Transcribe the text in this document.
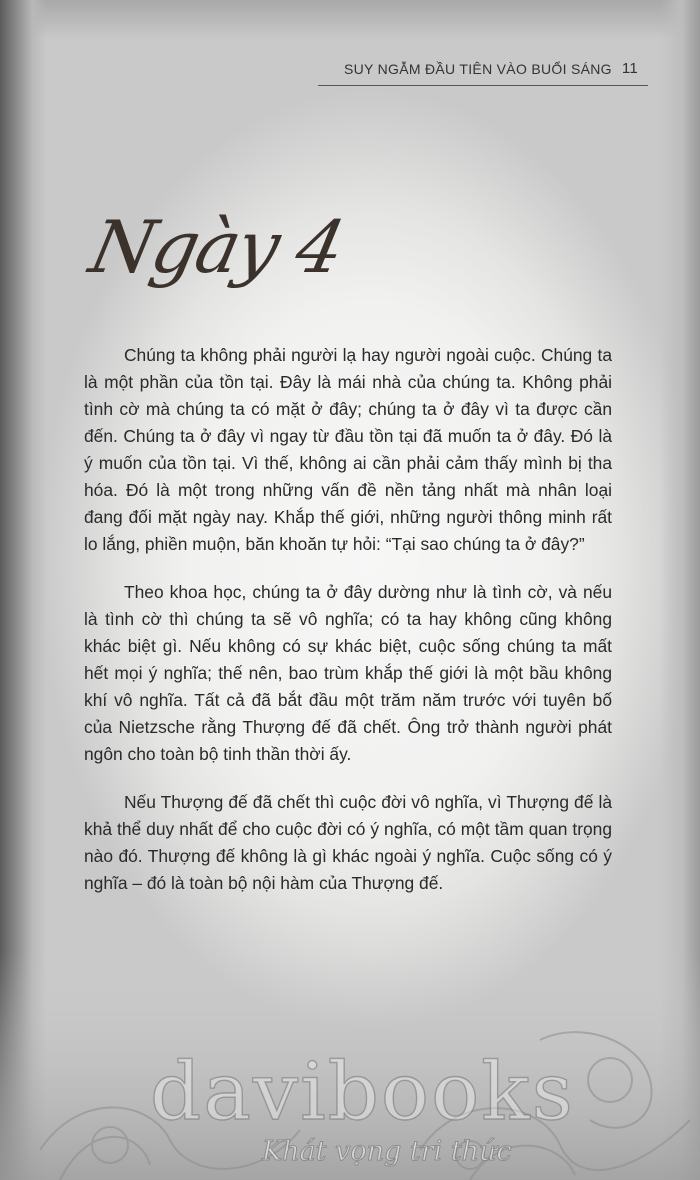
SUY NGẪM ĐẦU TIÊN VÀO BUỔI SÁNG 11
Ngày 4

Chúng ta không phải người lạ hay người ngoài cuộc. Chúng ta là một phần của tồn tại. Đây là mái nhà của chúng ta. Không phải tình cờ mà chúng ta có mặt ở đây; chúng ta ở đây vì ta được cần đến. Chúng ta ở đây vì ngay từ đầu tồn tại đã muốn ta ở đây. Đó là ý muốn của tồn tại. Vì thế, không ai cần phải cảm thấy mình bị tha hóa. Đó là một trong những vấn đề nền tảng nhất mà nhân loại đang đối mặt ngày nay. Khắp thế giới, những người thông minh rất lo lắng, phiền muộn, băn khoăn tự hỏi: “Tại sao chúng ta ở đây?”

Theo khoa học, chúng ta ở đây dường như là tình cờ, và nếu là tình cờ thì chúng ta sẽ vô nghĩa; có ta hay không cũng không khác biệt gì. Nếu không có sự khác biệt, cuộc sống chúng ta mất hết mọi ý nghĩa; thế nên, bao trùm khắp thế giới là một bầu không khí vô nghĩa. Tất cả đã bắt đầu một trăm năm trước với tuyên bố của Nietzsche rằng Thượng đế đã chết. Ông trở thành người phát ngôn cho toàn bộ tinh thần thời ấy.

Nếu Thượng đế đã chết thì cuộc đời vô nghĩa, vì Thượng đế là khả thể duy nhất để cho cuộc đời có ý nghĩa, có một tầm quan trọng nào đó. Thượng đế không là gì khác ngoài ý nghĩa. Cuộc sống có ý nghĩa – đó là toàn bộ nội hàm của Thượng đế.

davibooks
Khát vọng tri thức
